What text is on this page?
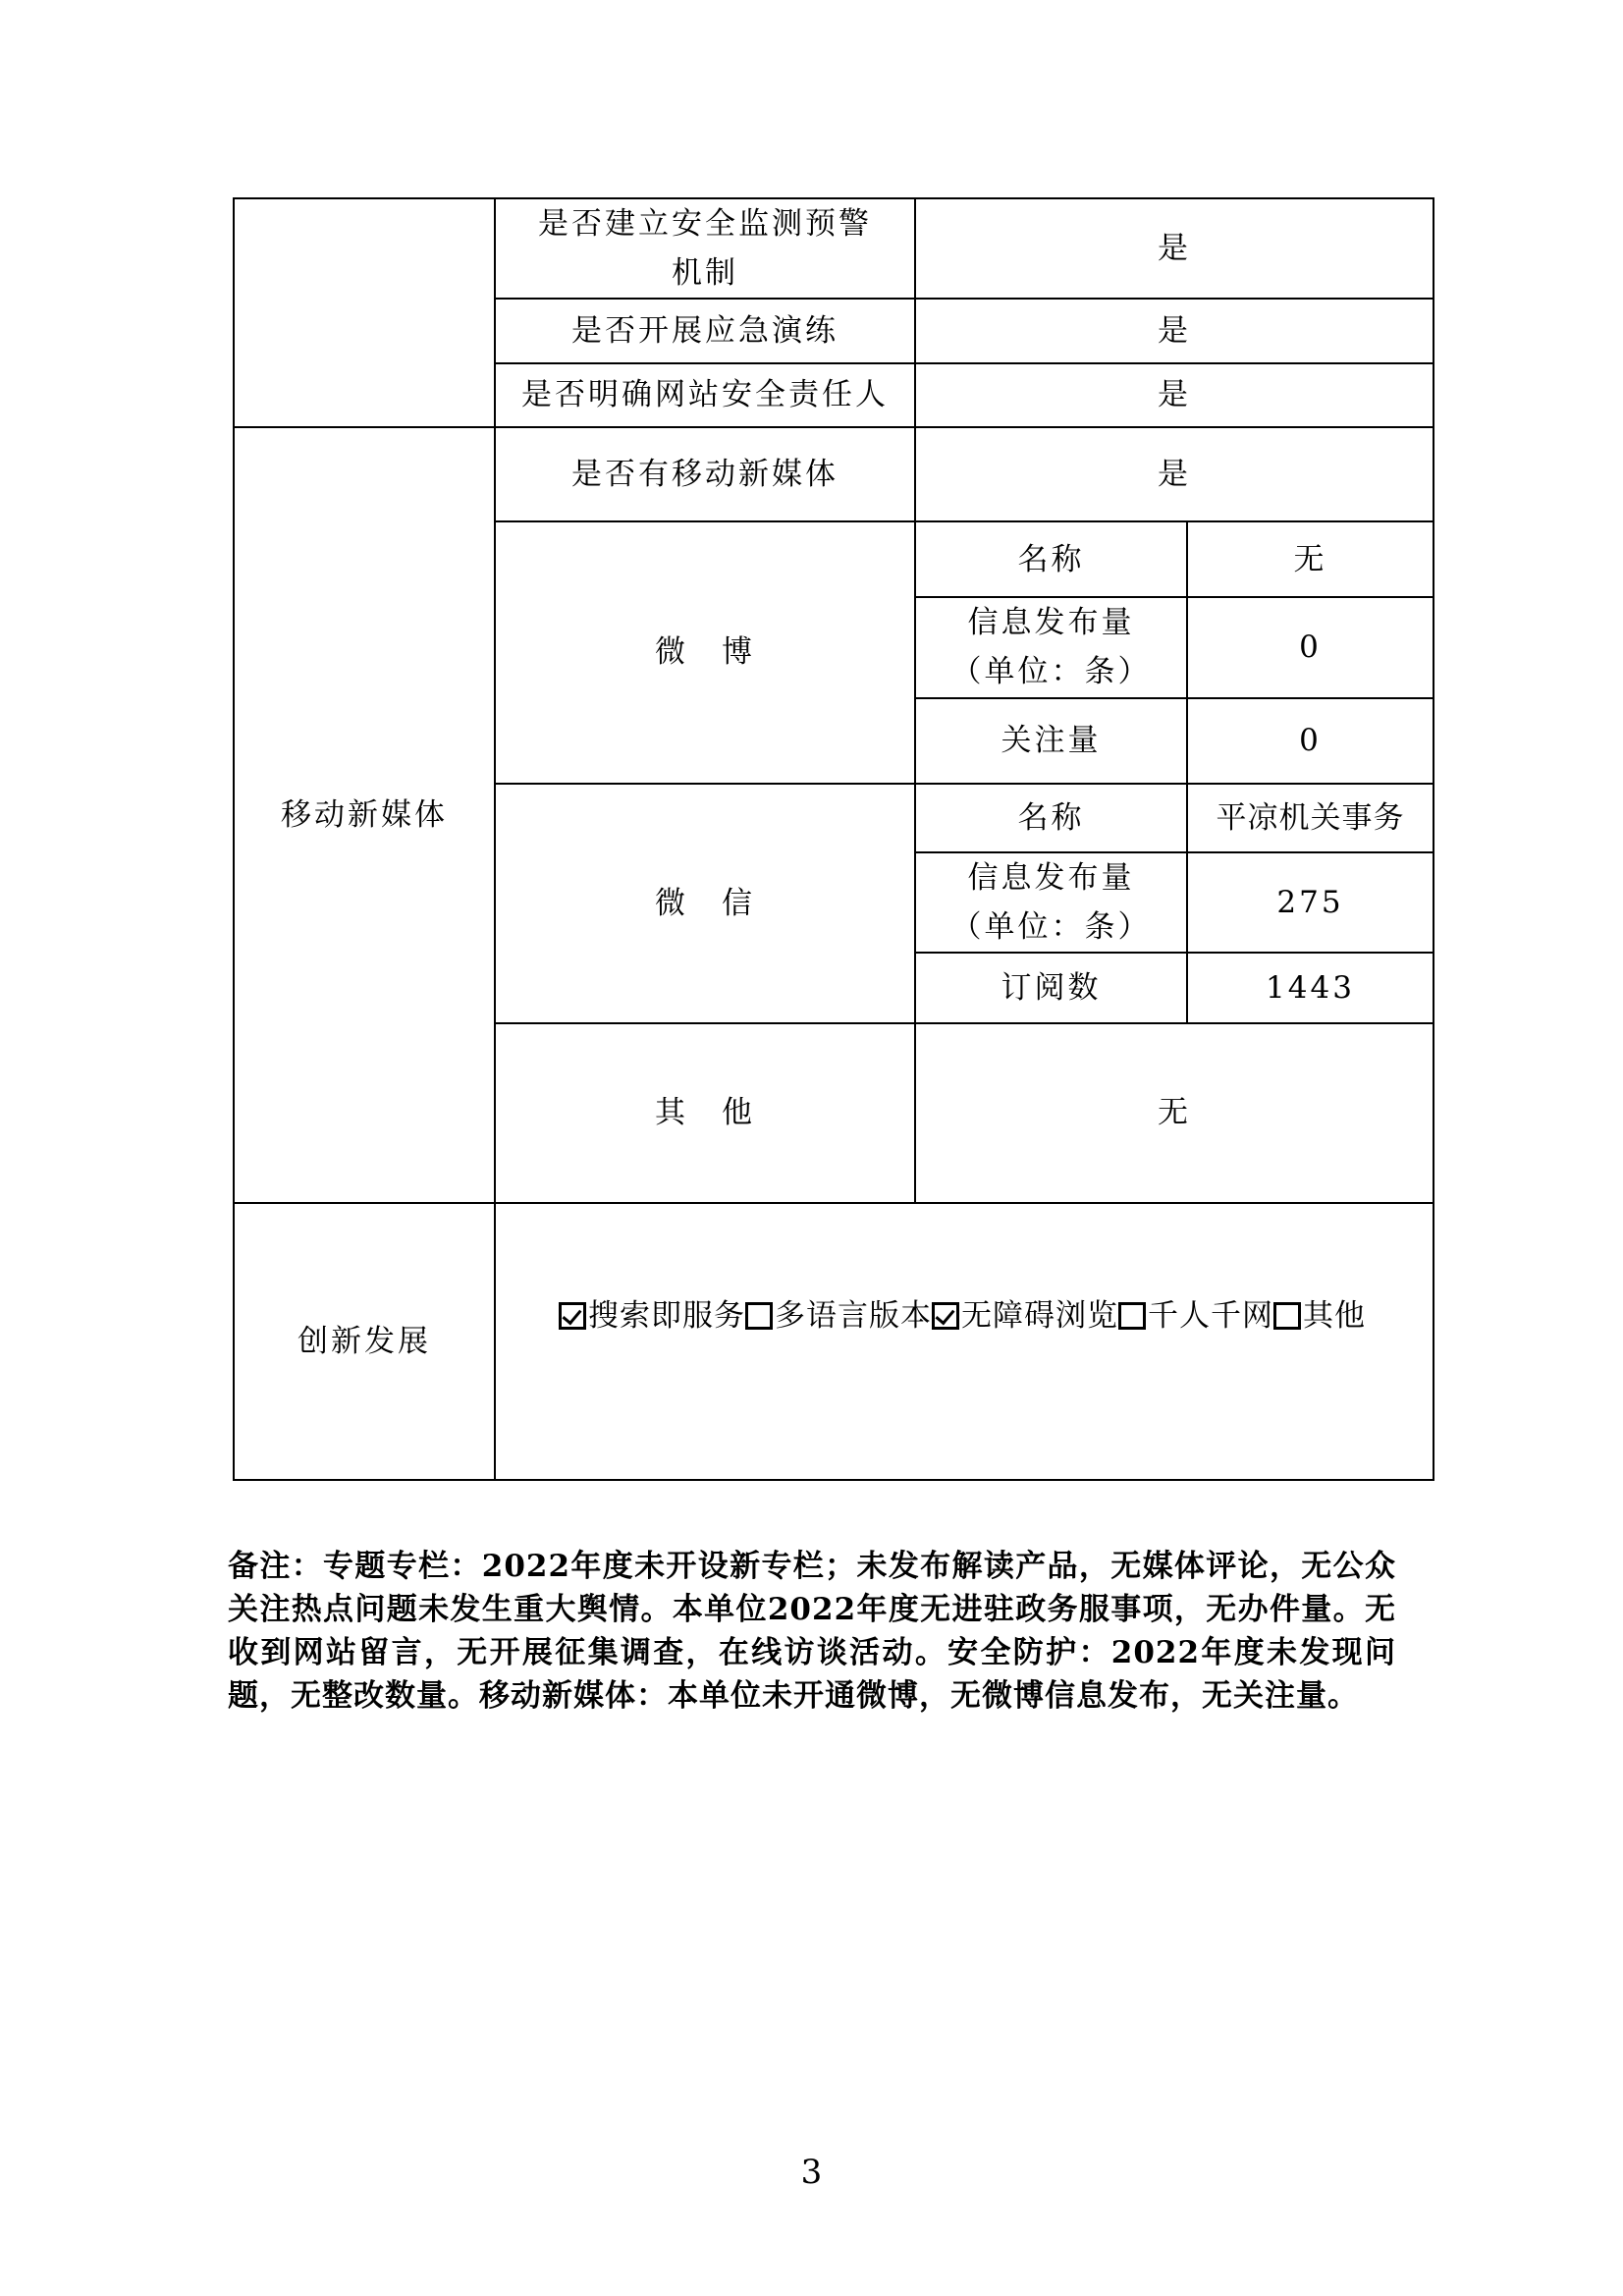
	是否建立安全监测预警机制	是	
	是否开展应急演练	是	
	是否明确网站安全责任人	是	
移动新媒体	是否有移动新媒体	是	
	微　博	名称	无
		信息发布量（单位：条）	0
		关注量	0
	微　信	名称	平凉机关事务
		信息发布量（单位：条）	275
		订阅数	1443
	其　他	无	
创新发展	搜索即服务 多语言版本 无障碍浏览 千人千网 其他		
备注：专题专栏：2022年度未开设新专栏；未发布解读产品，无媒体评论，无公众关注热点问题未发生重大舆情。本单位2022年度无进驻政务服事项，无办件量。无收到网站留言，无开展征集调查，在线访谈活动。安全防护：2022年度未发现问题，无整改数量。移动新媒体：本单位未开通微博，无微博信息发布，无关注量。
3
